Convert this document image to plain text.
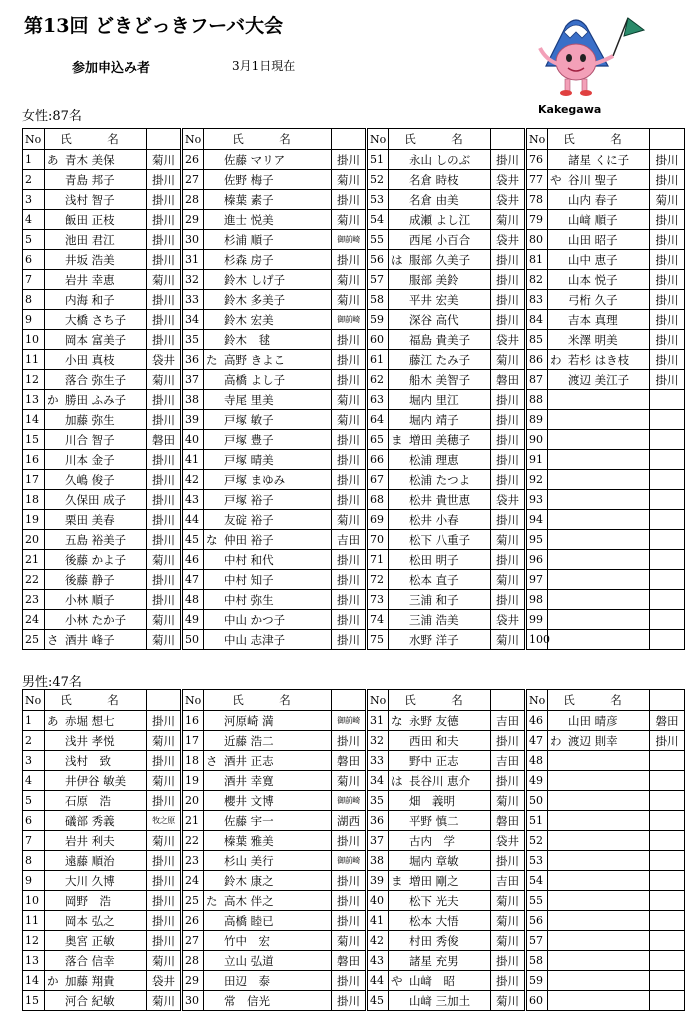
第13回 どきどっきフーバ大会
参加申込み者	3月1日現在
Kakegawa
女性:87名
No	氏　名		No	氏　名		No	氏　名		No	氏　名	
1	あ 青木 美保	菊川	26	佐藤 マリア	掛川	51	永山 しのぶ	掛川	76	諸星 くに子	掛川
2	青島 邦子	掛川	27	佐野 梅子	菊川	52	名倉 時枝	袋井	77	や 谷川 聖子	掛川
3	浅村 智子	掛川	28	榛葉 素子	掛川	53	名倉 由美	袋井	78	山内 春子	菊川
4	飯田 正枝	掛川	29	進士 悦美	菊川	54	成瀬 よし江	菊川	79	山﨑 順子	掛川
5	池田 君江	掛川	30	杉浦 順子	御前崎	55	西尾 小百合	袋井	80	山田 昭子	掛川
6	井坂 浩美	掛川	31	杉森 房子	掛川	56	は 服部 久美子	掛川	81	山中 恵子	掛川
7	岩井 幸恵	菊川	32	鈴木 しげ子	菊川	57	服部 美鈴	掛川	82	山本 悦子	掛川
8	内海 和子	掛川	33	鈴木 多美子	菊川	58	平井 宏美	掛川	83	弓桁 久子	掛川
9	大橋 さち子	掛川	34	鈴木 宏美	御前崎	59	深谷 高代	掛川	84	吉本 真理	掛川
10	岡本 富美子	掛川	35	鈴木　毬	掛川	60	福島 貴美子	袋井	85	米澤 明美	掛川
11	小田 真枝	袋井	36	た 高野 きよこ	掛川	61	藤江 たみ子	菊川	86	わ 若杉 はき枝	掛川
12	落合 弥生子	菊川	37	高橋 よし子	掛川	62	船木 美智子	磐田	87	渡辺 美江子	掛川
13	か 勝田 ふみ子	掛川	38	寺尾 里美	菊川	63	堀内 里江	掛川	88		
14	加藤 弥生	掛川	39	戸塚 敏子	菊川	64	堀内 靖子	掛川	89		
15	川合 智子	磐田	40	戸塚 豊子	掛川	65	ま 増田 美穂子	掛川	90		
16	川本 金子	掛川	41	戸塚 晴美	掛川	66	松浦 理恵	掛川	91		
17	久嶋 俊子	掛川	42	戸塚 まゆみ	掛川	67	松浦 たつよ	掛川	92		
18	久保田 成子	掛川	43	戸塚 裕子	掛川	68	松井 貴世恵	袋井	93		
19	栗田 美春	掛川	44	友碇 裕子	菊川	69	松井 小春	掛川	94		
20	五島 裕美子	掛川	45	な 仲田 裕子	吉田	70	松下 八重子	菊川	95		
21	後藤 かよ子	菊川	46	中村 和代	掛川	71	松田 明子	掛川	96		
22	後藤 静子	掛川	47	中村 知子	掛川	72	松本 直子	菊川	97		
23	小林 順子	掛川	48	中村 弥生	掛川	73	三浦 和子	掛川	98		
24	小林 たか子	菊川	49	中山 かつ子	掛川	74	三浦 浩美	袋井	99		
25	さ 酒井 峰子	菊川	50	中山 志津子	掛川	75	水野 洋子	菊川	100		
男性:47名
No	氏　名		No	氏　名		No	氏　名		No	氏　名	
1	あ 赤堀 想七	掛川	16	河原崎 満	御前崎	31	な 永野 友德	吉田	46	山田 晴彦	磐田
2	浅井 孝悦	菊川	17	近藤 浩二	掛川	32	西田 和夫	掛川	47	わ 渡辺 則幸	掛川
3	浅村　致	掛川	18	さ 酒井 正志	磐田	33	野中 正志	吉田	48		
4	井伊谷 敏美	菊川	19	酒井 幸寛	菊川	34	は 長谷川 恵介	掛川	49		
5	石原　浩	掛川	20	櫻井 文博	御前崎	35	畑　義明	菊川	50		
6	礒部 秀義	牧之原	21	佐藤 宇一	湖西	36	平野 慎二	磐田	51		
7	岩井 利夫	菊川	22	榛葉 雅美	掛川	37	古内　学	袋井	52		
8	遠藤 順治	掛川	23	杉山 美行	御前崎	38	堀内 章敏	掛川	53		
9	大川 久博	掛川	24	鈴木 康之	掛川	39	ま 増田 剛之	吉田	54		
10	岡野　浩	掛川	25	た 高木 伴之	掛川	40	松下 光夫	菊川	55		
11	岡本 弘之	掛川	26	高橋 睦已	掛川	41	松本 大悟	菊川	56		
12	奥宮 正敏	掛川	27	竹中　宏	菊川	42	村田 秀俊	菊川	57		
13	落合 信幸	菊川	28	立山 弘道	磐田	43	諸星 充男	掛川	58		
14	か 加藤 翔貴	袋井	29	田辺　泰	掛川	44	や 山﨑　昭	掛川	59		
15	河合 紀敏	菊川	30	常　信光	掛川	45	山﨑 三加土	菊川	60		
